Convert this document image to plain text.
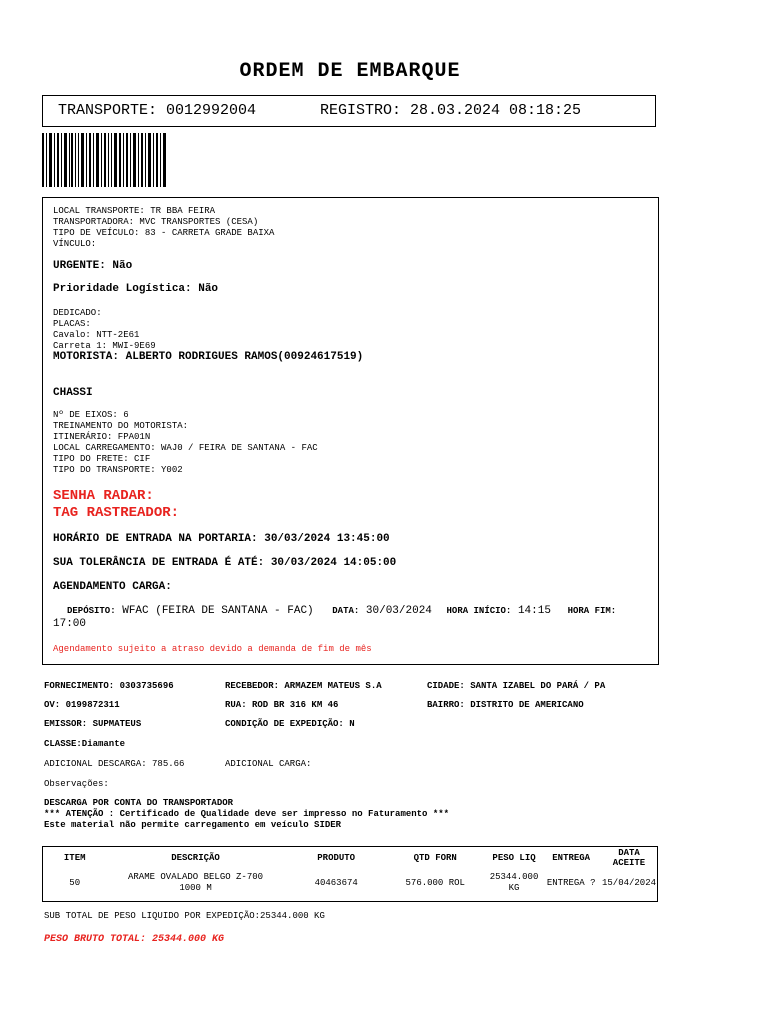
ORDEM DE EMBARQUE
TRANSPORTE: 0012992004	REGISTRO: 28.03.2024 08:18:25
LOCAL TRANSPORTE: TR BBA FEIRA
TRANSPORTADORA: MVC TRANSPORTES (CESA)
TIPO DE VEÍCULO: 83 - CARRETA GRADE BAIXA
VÍNCULO:
URGENTE: Não
Prioridade Logística: Não
DEDICADO:
PLACAS:
Cavalo: NTT-2E61
Carreta 1: MWI-9E69
MOTORISTA: ALBERTO RODRIGUES RAMOS(00924617519)
CHASSI
Nº DE EIXOS: 6
TREINAMENTO DO MOTORISTA:
ITINERÁRIO: FPA01N
LOCAL CARREGAMENTO: WAJ0 / FEIRA DE SANTANA - FAC
TIPO DO FRETE: CIF
TIPO DO TRANSPORTE: Y002
SENHA RADAR:
TAG RASTREADOR:
HORÁRIO DE ENTRADA NA PORTARIA: 30/03/2024 13:45:00
SUA TOLERÂNCIA DE ENTRADA É ATÉ: 30/03/2024 14:05:00
AGENDAMENTO CARGA:
DEPÓSITO: WFAC (FEIRA DE SANTANA - FAC) DATA: 30/03/2024 HORA INÍCIO: 14:15 HORA FIM:
17:00
Agendamento sujeito a atraso devido a demanda de fim de mês
FORNECIMENTO: 0303735696	RECEBEDOR: ARMAZEM MATEUS S.A	CIDADE: SANTA IZABEL DO PARÁ / PA
OV: 0199872311	RUA: ROD BR 316 KM 46	BAIRRO: DISTRITO DE AMERICANO
EMISSOR: SUPMATEUS	CONDIÇÃO DE EXPEDIÇÃO: N
CLASSE:Diamante
ADICIONAL DESCARGA: 785.66	ADICIONAL CARGA:
Observações:
DESCARGA POR CONTA DO TRANSPORTADOR
*** ATENÇÃO : Certificado de Qualidade deve ser impresso no Faturamento ***
Este material não permite carregamento em veículo SIDER
ITEM	DESCRIÇÃO	PRODUTO	QTD FORN	PESO LIQ	ENTREGA	DATA ACEITE
50	ARAME OVALADO BELGO Z-700 1000 M	40463674	576.000 ROL	25344.000 KG	ENTREGA ?	15/04/2024
SUB TOTAL DE PESO LIQUIDO POR EXPEDIÇÃO:25344.000 KG
PESO BRUTO TOTAL: 25344.000 KG
